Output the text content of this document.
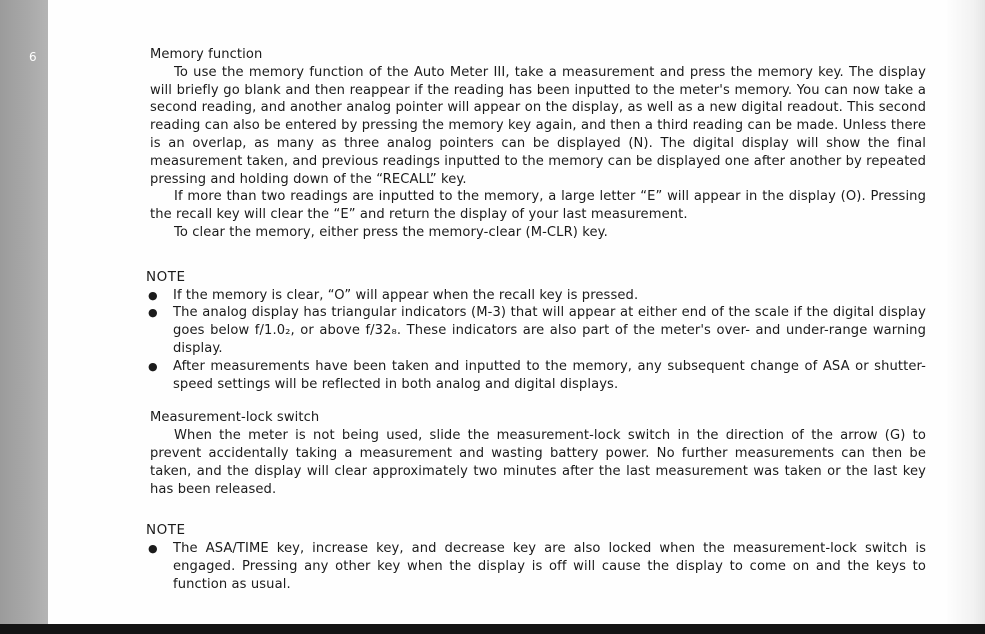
6	Memory function

To use the memory function of the Auto Meter III, take a measurement and press the memory key. The display will briefly go blank and then reappear if the reading has been inputted to the meter's memory. You can now take a second reading, and another analog pointer will appear on the display, as well as a new digital readout. This second reading can also be entered by pressing the memory key again, and then a third reading can be made. Unless there is an overlap, as many as three analog pointers can be displayed (N). The digital display will show the final measurement taken, and previous readings inputted to the memory can be displayed one after another by repeated pressing and holding down of the “RECALL” key.

If more than two readings are inputted to the memory, a large letter “E” will appear in the display (O). Pressing the recall key will clear the “E” and return the display of your last measurement.

To clear the memory, either press the memory-clear (M-CLR) key.

NOTE
● If the memory is clear, “O” will appear when the recall key is pressed.
● The analog display has triangular indicators (M-3) that will appear at either end of the scale if the digital display goes below f/1.0₂, or above f/32₈. These indicators are also part of the meter's over- and under-range warning display.
● After measurements have been taken and inputted to the memory, any subsequent change of ASA or shutter-speed settings will be reflected in both analog and digital displays.
Measurement-lock switch

When the meter is not being used, slide the measurement-lock switch in the direction of the arrow (G) to prevent accidentally taking a measurement and wasting battery power. No further measurements can then be taken, and the display will clear approximately two minutes after the last measurement was taken or the last key has been released.

NOTE
● The ASA/TIME key, increase key, and decrease key are also locked when the measurement-lock switch is engaged. Pressing any other key when the display is off will cause the display to come on and the keys to function as usual.
